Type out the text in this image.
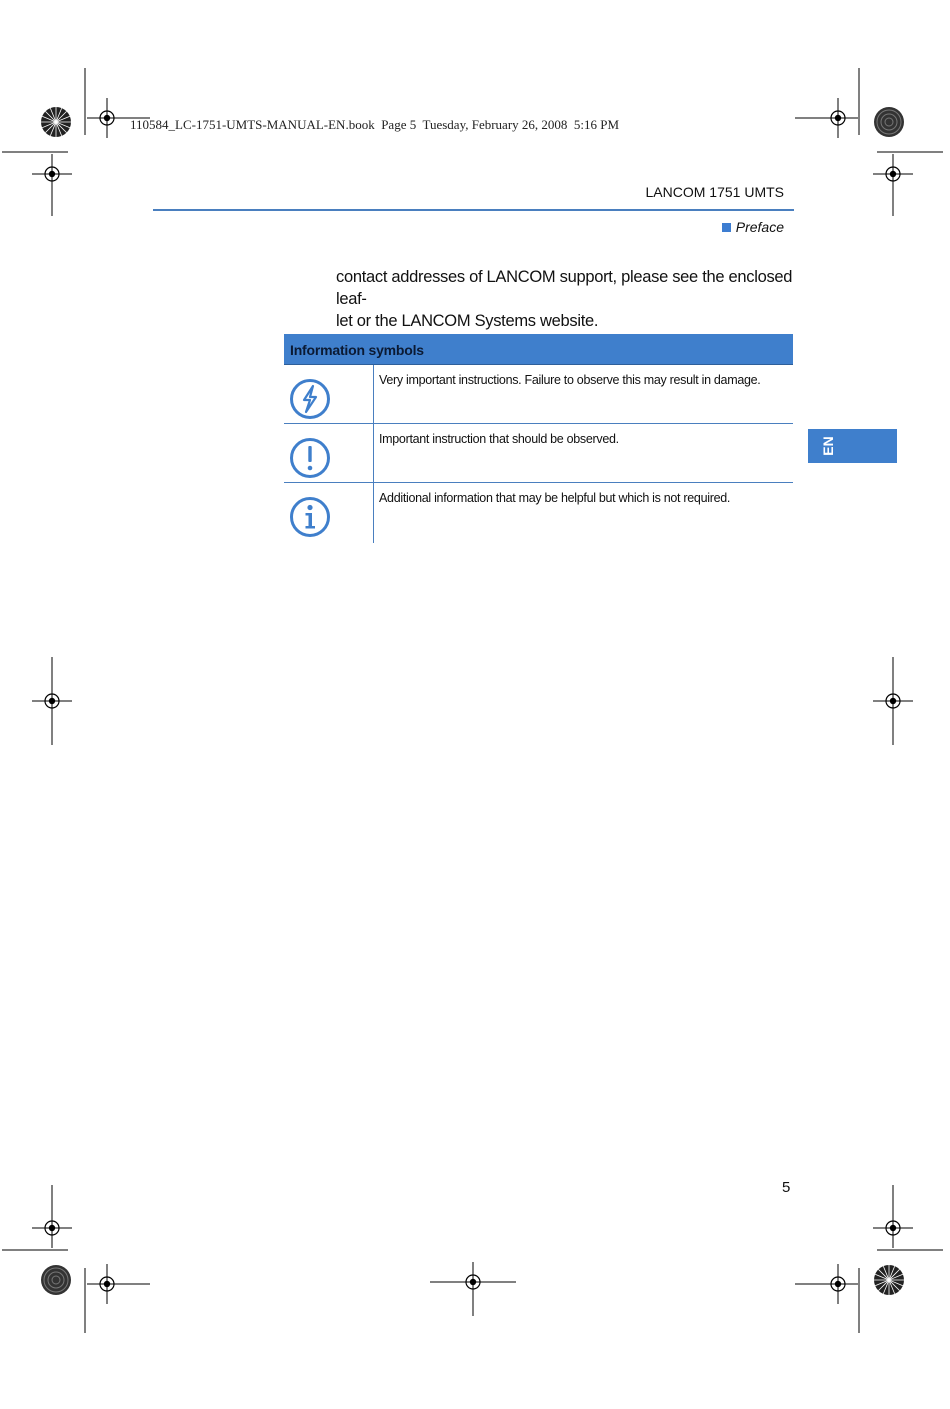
110584_LC-1751-UMTS-MANUAL-EN.book  Page 5  Tuesday, February 26, 2008  5:16 PM
LANCOM 1751 UMTS
Preface
contact addresses of LANCOM support, please see the enclosed leaf-
let or the LANCOM Systems website.
Information symbols
Very important instructions. Failure to observe this may result in damage.
Important instruction that should be observed.
Additional information that may be helpful but which is not required.
EN
5
